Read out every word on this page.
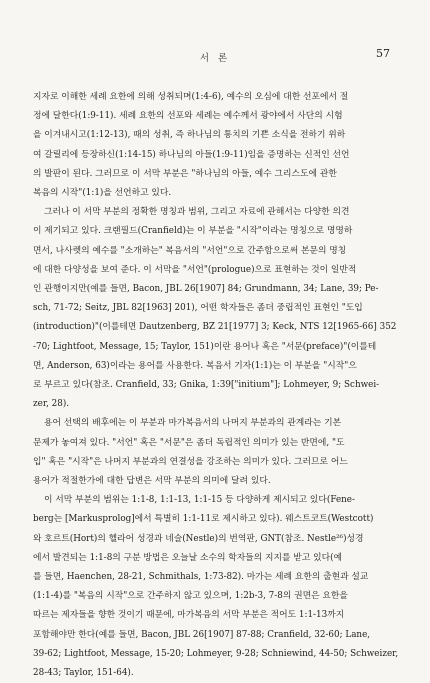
서 론	57
지자로 이해한 세례 요한에 의해 성취되며(1:4-6), 예수의 오심에 대한 선포에서 절
정에 달한다(1:9-11). 세례 요한의 선포와 세례는 예수께서 광야에서 사단의 시험
을 이겨내시고(1:12-13), 때의 성취, 즉 하나님의 통치의 기쁜 소식을 전하기 위하
여 갈릴리에 등장하신(1:14-15) 하나님의 아들(1:9-11)임을 증명하는 신적인 선언
의 발판이 된다. 그러므로 이 서막 부분은 "하나님의 아들, 예수 그리스도에 관한
복음의 시작"(1:1)을 선언하고 있다.
그러나 이 서막 부분의 정확한 명칭과 범위, 그리고 자료에 관해서는 다양한 의견
이 제기되고 있다. 크랜필드(Cranfield)는 이 부분을 "시작"이라는 명칭으로 명명하
면서, 나사렛의 예수를 "소개하는" 복음서의 "서언"으로 간주함으로써 본문의 명칭
에 대한 다양성을 보여 준다. 이 서막을 "서언"(prologue)으로 표현하는 것이 일반적
인 관행이지만(예를 들면, Bacon, JBL 26[1907] 84; Grundmann, 34; Lane, 39; Pe-
sch, 71-72; Seitz, JBL 82[1963] 201), 어떤 학자들은 좀더 중립적인 표현인 "도입
(introduction)"(이를테면 Dautzenberg, BZ 21[1977] 3; Keck, NTS 12[1965-66] 352
-70; Lightfoot, Message, 15; Taylor, 151)이란 용어나 혹은 "서문(preface)"(이를테
면, Anderson, 63)이라는 용어를 사용한다. 복음서 기자(1:1)는 이 부분을 "시작"으
로 부르고 있다(참조. Cranfield, 33; Gnika, 1:39["initium"]; Lohmeyer, 9; Schwei-
zer, 28).
용어 선택의 배후에는 이 부분과 마가복음서의 나머지 부분과의 관계라는 기본
문제가 놓여져 있다. "서언" 혹은 "서문"은 좀더 독립적인 의미가 있는 반면에, "도
입" 혹은 "시작"은 나머지 부분과의 연결성을 강조하는 의미가 있다. 그러므로 어느
용어가 적절한가에 대한 답변은 서막 부분의 의미에 달려 있다.
이 서막 부분의 범위는 1:1-8, 1:1-13, 1:1-15 등 다양하게 제시되고 있다(Fene-
berg는 [Markusprolog]에서 특별히 1:1-11로 제시하고 있다). 웨스트코트(Westcott)
와 호르트(Hort)의 헬라어 성경과 네슬(Nestle)의 번역판, GNT(참조. Nestle²⁶)성경
에서 발견되는 1:1-8의 구분 방법은 오늘날 소수의 학자들의 지지를 받고 있다(예
를 들면, Haenchen, 28-21, Schmithals, 1:73-82). 마가는 세례 요한의 출현과 설교
(1:1-4)를 "복음의 시작"으로 간주하지 않고 있으며, 1:2b-3, 7-8의 권면은 요한을
따르는 제자들을 향한 것이기 때문에, 마가복음의 서막 부분은 적어도 1:1-13까지
포함해야만 한다(예를 들면, Bacon, JBL 26[1907] 87-88; Cranfield, 32-60; Lane,
39-62; Lightfoot, Message, 15-20; Lohmeyer, 9-28; Schniewind, 44-50; Schweizer,
28-43; Taylor, 151-64).
